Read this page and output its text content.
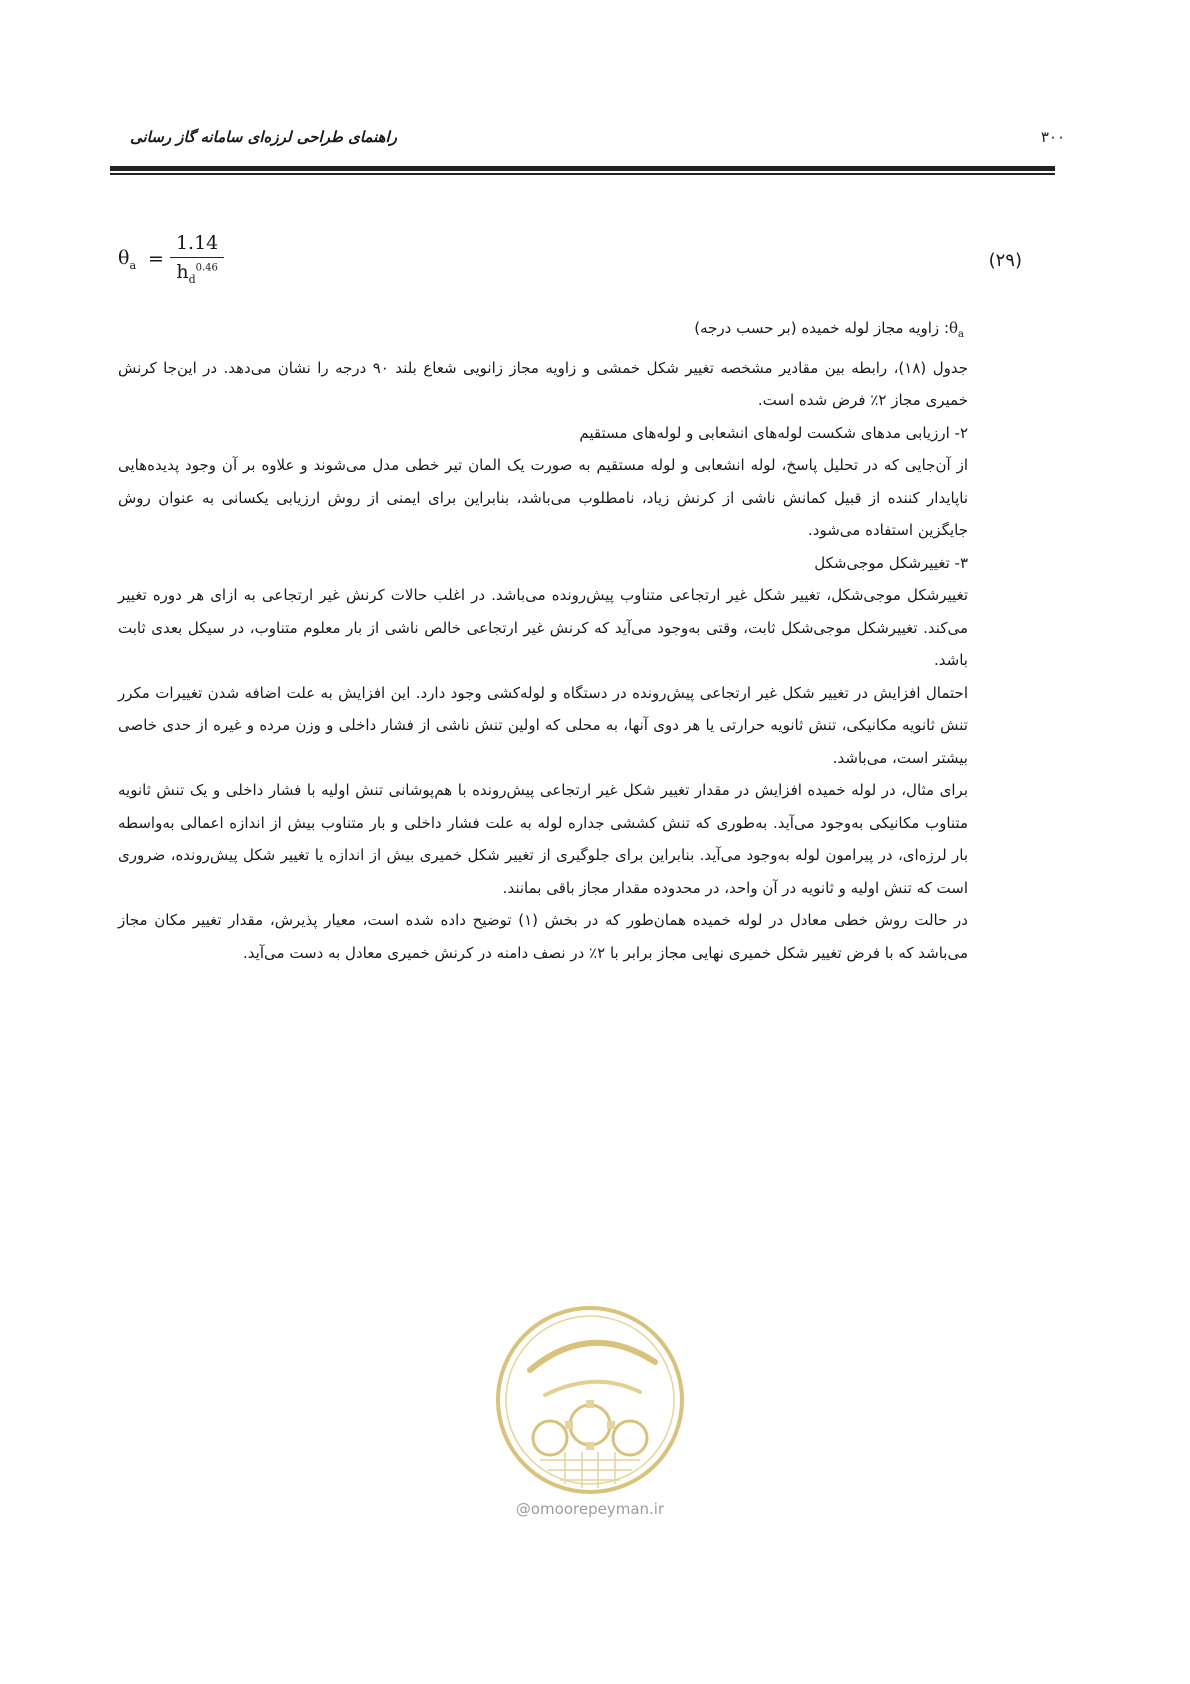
راهنمای طراحی لرزه‌ای سامانه گاز رسانی	۳۰۰
$\theta_a = \frac{1.14}{h_d^{0.46}}$	(۲۹)

$\theta_a$: زاویه مجاز لوله خمیده (بر حسب درجه)

جدول (۱۸)، رابطه بین مقادیر مشخصه تغییر شکل خمشی و زاویه مجاز زانویی شعاع بلند ۹۰ درجه را نشان می‌دهد. در این‌جا کرنش خمیری مجاز ۲٪ فرض شده است.

۲- ارزیابی مدهای شکست لوله‌های انشعابی و لوله‌های مستقیم

از آن‌جایی که در تحلیل پاسخ، لوله انشعابی و لوله مستقیم به صورت یک المان تیر خطی مدل می‌شوند و علاوه بر آن وجود پدیده‌هایی ناپایدار کننده از قبیل کمانش ناشی از کرنش زیاد، نامطلوب می‌باشد، بنابراین برای ایمنی از روش ارزیابی یکسانی به عنوان روش جایگزین استفاده می‌شود.

۳- تغییرشکل موجی‌شکل

تغییرشکل موجی‌شکل، تغییر شکل غیر ارتجاعی متناوب پیش‌رونده می‌باشد. در اغلب حالات کرنش غیر ارتجاعی به ازای هر دوره تغییر می‌کند. تغییرشکل موجی‌شکل ثابت، وقتی به‌وجود می‌آید که کرنش غیر ارتجاعی خالص ناشی از بار معلوم متناوب، در سیکل بعدی ثابت باشد.

احتمال افزایش در تغییر شکل غیر ارتجاعی پیش‌رونده در دستگاه و لوله‌کشی وجود دارد. این افزایش به علت اضافه شدن تغییرات مکرر تنش ثانویه مکانیکی، تنش ثانویه حرارتی یا هر دوی آنها، به محلی که اولین تنش ناشی از فشار داخلی و وزن مرده و غیره از حدی خاصی بیشتر است، می‌باشد.

برای مثال، در لوله خمیده افزایش در مقدار تغییر شکل غیر ارتجاعی پیش‌رونده با هم‌پوشانی تنش اولیه با فشار داخلی و یک تنش ثانویه متناوب مکانیکی به‌وجود می‌آید. به‌طوری که تنش کششی جداره لوله به علت فشار داخلی و بار متناوب بیش از اندازه اعمالی به‌واسطه بار لرزه‌ای، در پیرامون لوله به‌وجود می‌آید. بنابراین برای جلوگیری از تغییر شکل خمیری بیش از اندازه یا تغییر شکل پیش‌رونده، ضروری است که تنش اولیه و ثانویه در آن واحد، در محدوده مقدار مجاز باقی بمانند.

در حالت روش خطی معادل در لوله خمیده همان‌طور که در بخش (۱) توضیح داده شده است، معیار پذیرش، مقدار تغییر مکان مجاز می‌باشد که با فرض تغییر شکل خمیری نهایی مجاز برابر با ۲٪ در نصف دامنه در کرنش خمیری معادل به دست می‌آید.

@omoorepeyman.ir
